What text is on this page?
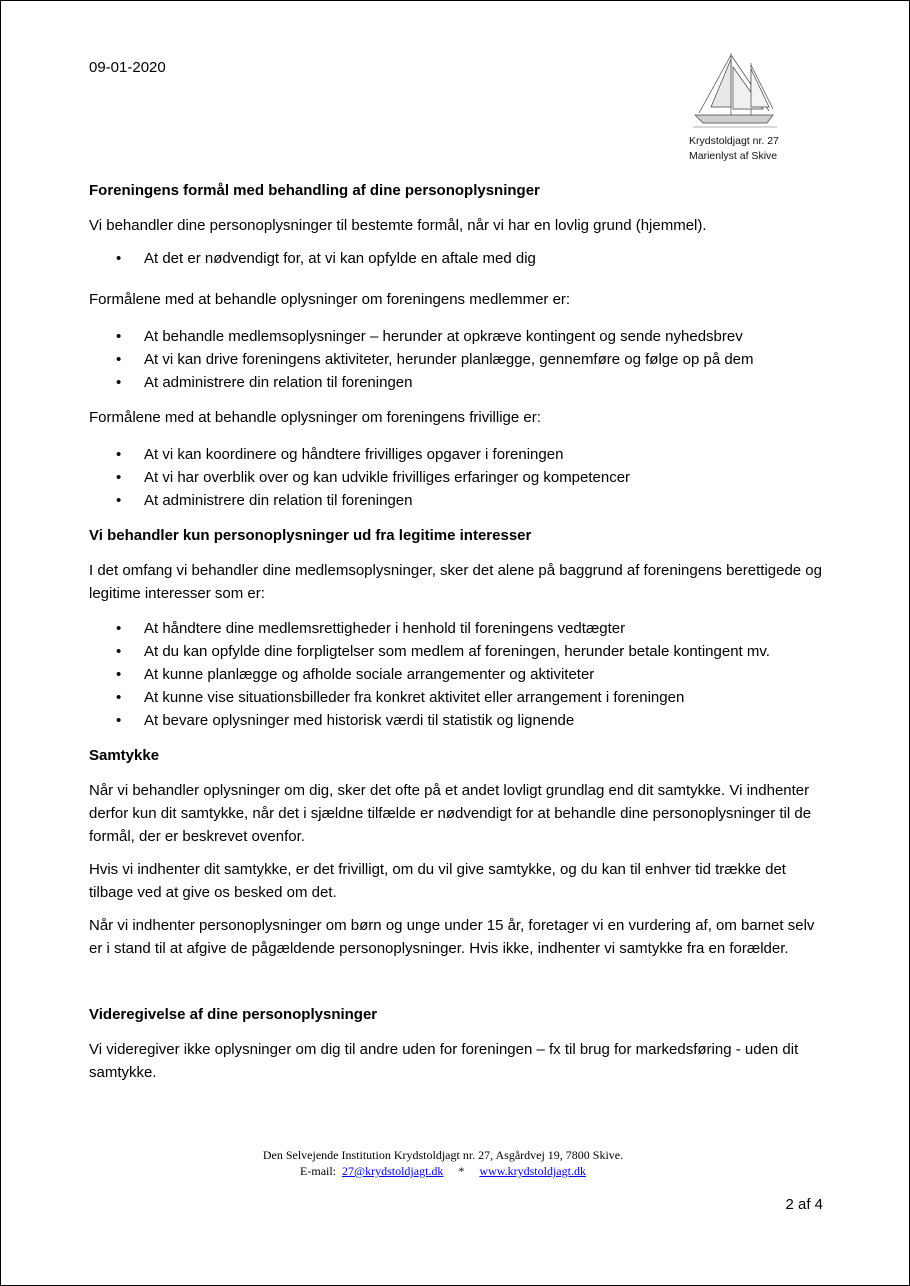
09-01-2020
Krydstoldjagt nr. 27
Marienlyst af Skive
Foreningens formål med behandling af dine personoplysninger

Vi behandler dine personoplysninger til bestemte formål, når vi har en lovlig grund (hjemmel).

• At det er nødvendigt for, at vi kan opfylde en aftale med dig

Formålene med at behandle oplysninger om foreningens medlemmer er:

• At behandle medlemsoplysninger – herunder at opkræve kontingent og sende nyhedsbrev
• At vi kan drive foreningens aktiviteter, herunder planlægge, gennemføre og følge op på dem
• At administrere din relation til foreningen

Formålene med at behandle oplysninger om foreningens frivillige er:

• At vi kan koordinere og håndtere frivilliges opgaver i foreningen
• At vi har overblik over og kan udvikle frivilliges erfaringer og kompetencer
• At administrere din relation til foreningen
Vi behandler kun personoplysninger ud fra legitime interesser

I det omfang vi behandler dine medlemsoplysninger, sker det alene på baggrund af foreningens berettigede og legitime interesser som er:

• At håndtere dine medlemsrettigheder i henhold til foreningens vedtægter
• At du kan opfylde dine forpligtelser som medlem af foreningen, herunder betale kontingent mv.
• At kunne planlægge og afholde sociale arrangementer og aktiviteter
• At kunne vise situationsbilleder fra konkret aktivitet eller arrangement i foreningen
• At bevare oplysninger med historisk værdi til statistik og lignende
Samtykke

Når vi behandler oplysninger om dig, sker det ofte på et andet lovligt grundlag end dit samtykke. Vi indhenter derfor kun dit samtykke, når det i sjældne tilfælde er nødvendigt for at behandle dine personoplysninger til de formål, der er beskrevet ovenfor.

Hvis vi indhenter dit samtykke, er det frivilligt, om du vil give samtykke, og du kan til enhver tid trække det tilbage ved at give os besked om det.

Når vi indhenter personoplysninger om børn og unge under 15 år, foretager vi en vurdering af, om barnet selv er i stand til at afgive de pågældende personoplysninger. Hvis ikke, indhenter vi samtykke fra en forælder.

Videregivelse af dine personoplysninger

Vi videregiver ikke oplysninger om dig til andre uden for foreningen – fx til brug for markedsføring - uden dit samtykke.

Den Selvejende Institution Krydstoldjagt nr. 27, Asgårdvej 19, 7800 Skive.
E-mail: 27@krydstoldjagt.dk * www.krydstoldjagt.dk
2 af 4
